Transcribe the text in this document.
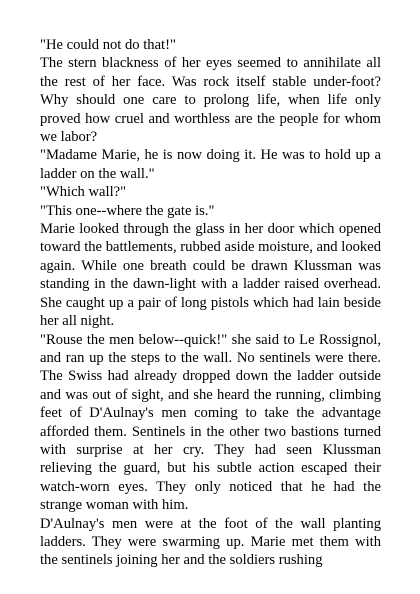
"He could not do that!"

The stern blackness of her eyes seemed to annihilate all the rest of her face. Was rock itself stable under-foot? Why should one care to prolong life, when life only proved how cruel and worthless are the people for whom we labor?

"Madame Marie, he is now doing it. He was to hold up a ladder on the wall."

"Which wall?"

"This one--where the gate is."

Marie looked through the glass in her door which opened toward the battlements, rubbed aside moisture, and looked again. While one breath could be drawn Klussman was standing in the dawn-light with a ladder raised overhead. She caught up a pair of long pistols which had lain beside her all night.

"Rouse the men below--quick!" she said to Le Rossignol, and ran up the steps to the wall. No sentinels were there. The Swiss had already dropped down the ladder outside and was out of sight, and she heard the running, climbing feet of D'Aulnay's men coming to take the advantage afforded them. Sentinels in the other two bastions turned with surprise at her cry. They had seen Klussman relieving the guard, but his subtle action escaped their watch-worn eyes. They only noticed that he had the strange woman with him.

D'Aulnay's men were at the foot of the wall planting ladders. They were swarming up. Marie met them with the sentinels joining her and the soldiers rushing
